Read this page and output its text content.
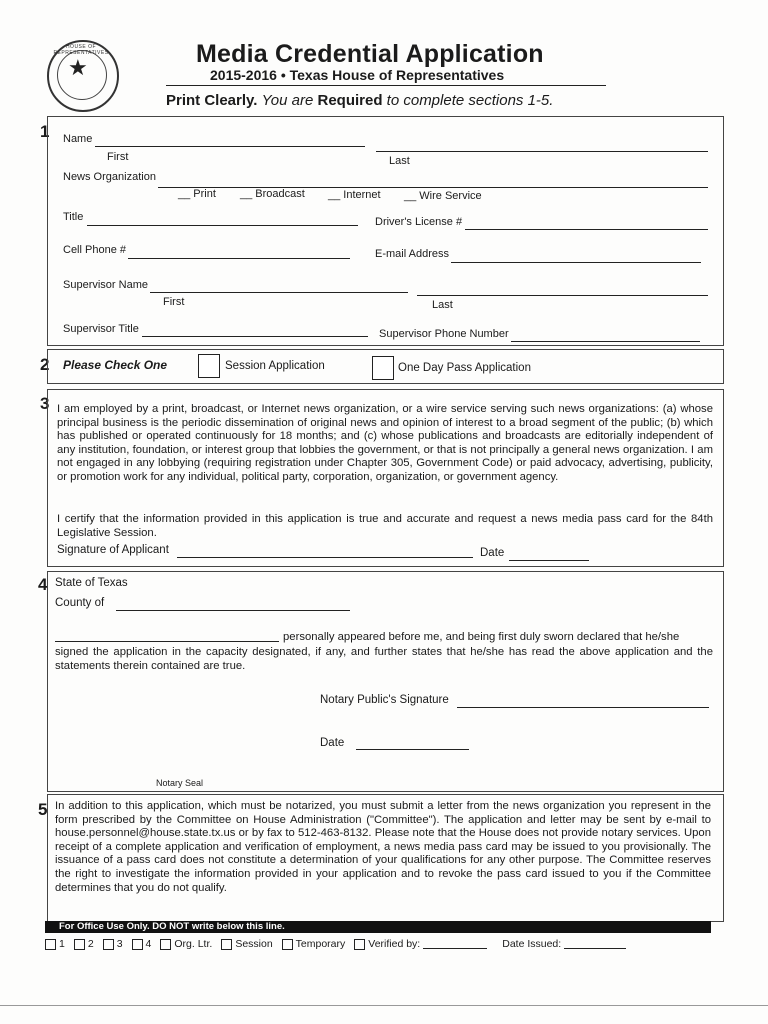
HOUSE OF REPRESENTATIVES
★	Media Credential Application
2015-2016 • Texas House of Representatives
Print Clearly. You are Required to complete sections 1-5.
1 Name
First	Last
News Organization
__ Print __ Broadcast __ Internet __ Wire Service
Title	Driver's License #
Cell Phone #	E-mail Address
Supervisor Name
First	Last
Supervisor Title	Supervisor Phone Number
2 Please Check One	Session Application	One Day Pass Application
3 I am employed by a print, broadcast, or Internet news organization, or a wire service serving such news organizations: (a) whose principal business is the periodic dissemination of original news and opinion of interest to a broad segment of the public; (b) which has published or operated continuously for 18 months; and (c) whose publications and broadcasts are editorially independent of any institution, foundation, or interest group that lobbies the government, or that is not principally a general news organization. I am not engaged in any lobbying (requiring registration under Chapter 305, Government Code) or paid advocacy, advertising, publicity, or promotion work for any individual, political party, corporation, organization, or government agency.
I certify that the information provided in this application is true and accurate and request a news media pass card for the 84th Legislative Session.
Signature of Applicant	Date
4 State of Texas
County of
personally appeared before me, and being first duly sworn declared that he/she
signed the application in the capacity designated, if any, and further states that he/she has read the above application and the statements therein contained are true.
Notary Public's Signature
Date
Notary Seal
5 In addition to this application, which must be notarized, you must submit a letter from the news organization you represent in the form prescribed by the Committee on House Administration ("Committee"). The application and letter may be sent by e-mail to house.personnel@house.state.tx.us or by fax to 512-463-8132. Please note that the House does not provide notary services. Upon receipt of a complete application and verification of employment, a news media pass card may be issued to you provisionally. The issuance of a pass card does not constitute a determination of your qualifications for any other purpose. The Committee reserves the right to investigate the information provided in your application and to revoke the pass card issued to you if the Committee determines that you do not qualify.
For Office Use Only. DO NOT write below this line.
1 2 3 4 Org. Ltr. Session Temporary Verified by:	Date Issued:
